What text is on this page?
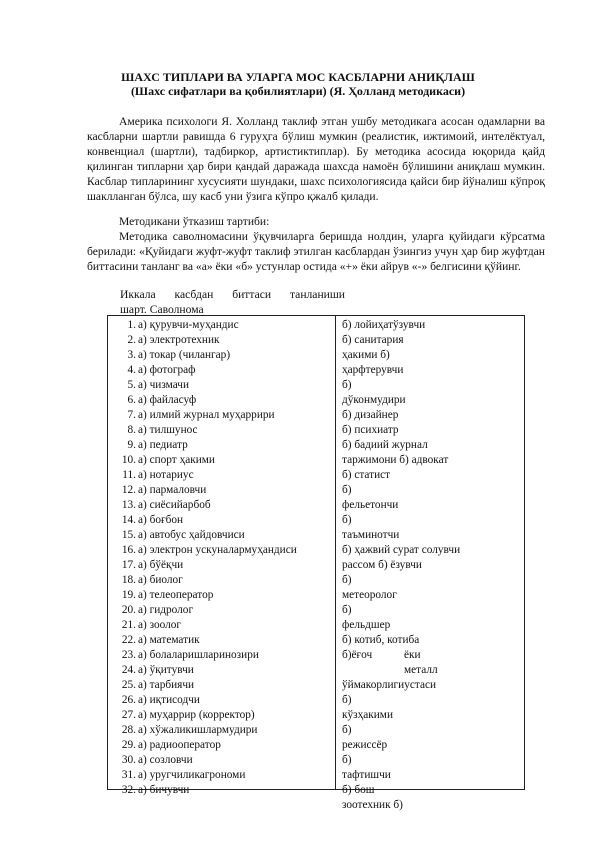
ШАХС ТИПЛАРИ ВА УЛАРГА МОС КАСБЛАРНИ АНИҚЛАШ
(Шахс сифатлари ва қобилиятлари) (Я. Ҳолланд методикаси)

Америка психологи Я. Холланд таклиф этган ушбу методикага асосан одамларни ва касбларни шартли равишда 6 гуруҳга бўлиш мумкин (реалистик, ижтимоий, интелёктуал, конвенциал (шартли), тадбиркор, артистиктиплар). Бу методика асосида юқорида қайд қилинган типларни ҳар бири қандай даражада шахсда намоён бўлишини аниқлаш мумкин. Касблар типларининг хусусияти шундаки, шахс психологиясида қайси бир йўналиш кўпроқ шаклланган бўлса, шу касб уни ўзига кўпро қжалб қилади.

Методикани ўтказиш тартиби:

Методика саволномасини ўқувчиларга беришда нолдин, уларга қуйидаги кўрсатма берилади: «Қуйидаги жуфт-жуфт таклиф этилган касблардан ўзингиз учун ҳар бир жуфтдан биттасини танланг ва «а» ёки «б» устунлар остида «+» ёки айрув «-» белгисини қўйинг.

Иккала касбдан биттаси танланиши

шарт. Саволнома

1. а) қурувчи-муҳандис
2. а) электротехник
3. а) токар (чилангар)
4. а) фотограф
5. а) чизмачи
6. а) файласуф
7. а) илмий журнал муҳаррири
8. а) тилшунос
9. а) педиатр
10. а) спорт ҳакими
11. а) нотариус
12. а) пармаловчи
13. а) сиёсийарбоб
14. а) боғбон
15. а) автобус ҳайдовчиси
16. а) электрон ускуналармуҳандиси
17. а) бўёқчи
18. а) биолог
19. а) телеоператор
20. а) гидролог
21. а) зоолог
22. а) математик
23. а) болаларишларинозири
24. а) ўқитувчи
25. а) тарбиячи
26. а) иқтисодчи
27. а) муҳаррир (корректор)
28. а) хўжаликишлармудири
29. а) радиооператор
30. а) созловчи
31. а) уругчиликагрономи
32. а) бичувчи
б) лойиҳатўзувчи
б) санитария
ҳакими б)
ҳарфтерувчи
б)
дўконмудири
б) дизайнер
б) психиатр
б) бадиий журнал
таржимони б) адвокат
б) статист
б)
фельетончи
б)
таъминотчи
б) ҳажвий сурат солувчи
рассом б) ёзувчи
б)
метеоролог
б)
фельдшер
б) котиб, котиба
б)ёғоч	ёки
металл
ўймакорлигиустаси
б)
кўзҳакими
б)
режиссёр
б)
тафтишчи
б) бош
зоотехник б)
